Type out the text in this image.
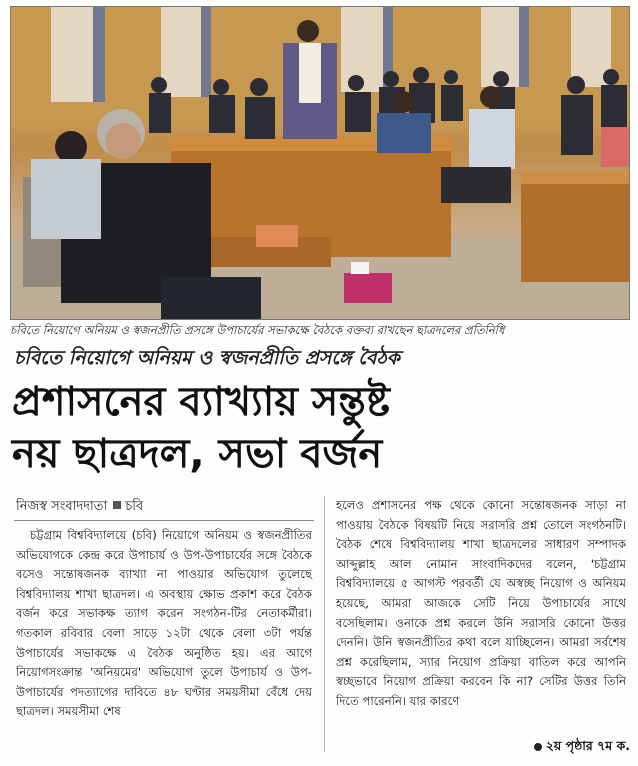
চবিতে নিয়োগে অনিয়ম ও স্বজনপ্রীতি প্রসঙ্গে উপাচার্যের সভাকক্ষে বৈঠকে বক্তব্য রাখছেন ছাত্রদলের প্রতিনিধি
চবিতে নিয়োগে অনিয়ম ও স্বজনপ্রীতি প্রসঙ্গে বৈঠক
প্রশাসনের ব্যাখ্যায় সন্তুষ্ট
নয় ছাত্রদল, সভা বর্জন
নিজস্ব সংবাদদাতা চবি

চট্টগ্রাম বিশ্ববিদ্যালয়ে (চবি) নিয়োগে অনিয়ম ও স্বজনপ্রীতির অভিযোগকে কেন্দ্র করে উপাচার্য ও উপ-উপাচার্যের সঙ্গে বৈঠকে বসেও সন্তোষজনক ব্যাখ্যা না পাওয়ার অভিযোগ তুলেছে বিশ্ববিদ্যালয় শাখা ছাত্রদল। এ অবস্থায় ক্ষোভ প্রকাশ করে বৈঠক বর্জন করে সভাকক্ষ ত্যাগ করেন সংগঠন-টির নেতাকর্মীরা। গতকাল রবিবার বেলা সাড়ে ১২টা থেকে বেলা ৩টা পর্যন্ত উপাচার্যের সভাকক্ষে এ বৈঠক অনুষ্ঠিত হয়। এর আগে নিয়োগসংক্রান্ত 'অনিয়মের' অভিযোগ তুলে উপাচার্য ও উপ-উপাচার্যের পদত্যাগের দাবিতে ৪৮ ঘণ্টার সময়সীমা বেঁধে দেয় ছাত্রদল। সময়সীমা শেষ

হলেও প্রশাসনের পক্ষ থেকে কোনো সন্তোষজনক সাড়া না পাওয়ায় বৈঠকে বিষয়টি নিয়ে সরাসরি প্রশ্ন তোলে সংগঠনটি। বৈঠক শেষে বিশ্ববিদ্যালয় শাখা ছাত্রদলের সাধারণ সম্পাদক আব্দুল্লাহ আল নোমান সাংবাদিকদের বলেন, 'চট্টগ্রাম বিশ্ববিদ্যালয়ে ৫ আগস্ট পরবর্তী যে অস্বচ্ছ নিয়োগ ও অনিয়ম হয়েছে, আমরা আজকে সেটি নিয়ে উপাচার্যের সাথে বসেছিলাম। ওনাকে প্রশ্ন করলে উনি সরাসরি কোনো উত্তর দেননি। উনি স্বজনপ্রীতির কথা বলে যাচ্ছিলেন। আমরা সর্বশেষ প্রশ্ন করেছিলাম, স্যার নিয়োগ প্রক্রিয়া বাতিল করে আপনি স্বচ্ছভাবে নিয়োগ প্রক্রিয়া করবেন কি না? সেটির উত্তর তিনি দিতে পারেননি। যার কারণে

২য় পৃষ্ঠার ৭ম ক.
